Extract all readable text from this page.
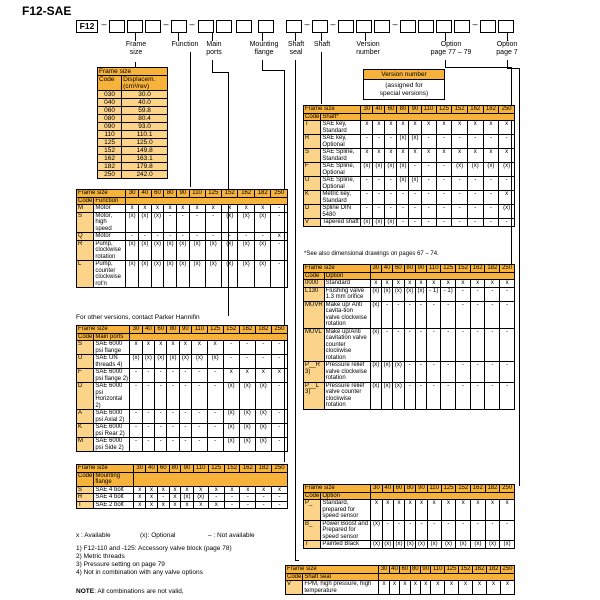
F12-SAE
F12 –	– –	– –	–	–
Frame
size
Function	Main
ports
Mounting
flange
Shaft
seal
Shaft	Version
number
Option
page 77 – 79
Option
page 7
Version number
(assigned for
special versions)
Frame size	
Code	Displacem.
(cm³/rev)
030	30.0
040	40.0
060	59.8
080	80.4
090	93.0
110	110.1
125	125.0
152	149.8
162	163.1
182	179.8
250	242.0
Frame size		30	40	60	80	90	110	125	152	162	182	250
Code	Function											
M	Motor	x	x	x	x	x	x	x	x	x	x	-
S	Motor, high speed	(x)	(x)	(x)	-	-	-	-	(x)	(x)	(x)	-
Q	Motor	-	-	-	-	-	-	-	-	-	-	x
R	Pump, clockwise rotation	(x)	(x)	(x)	(x)	(x)	(x)	(x)	(x)	(x)	(x)	-
L	Pump, counter clockwise rot'n	(x)	(x)	(x)	(x)	(x)	(x)	(x)	(x)	(x)	(x)	-
For other versions, contact Parker Hannifin
Frame size		30	40	60	80	90	110	125	152	162	182	250
Code	Main ports											
S	SAE 6000 psi flange	x	x	x	x	x	x	x	-	-	-	-
U	SAE UN threads 4)	(x)	(x)	(x)	(x)	(x)	(x)	(x)	-	-	-	-
F	SAE 6000 psi flange 2)	-	-	-	-	-	-	-	x	x	x	x
D	SAE 6000 psi Horizontal 2)	-	-	-	-	-	-	-	(x)	(x)	(x)	-
A	SAE 6000 psi Axial 2)	-	-	-	-	-	-	-	(x)	(x)	(x)	-
K	SAE 6000 psi Rear 2)	-	-	-	-	-	-	-	(x)	(x)	(x)	-
M	SAE 6000 psi Side 2)	-	-	-	-	-	-	-	(x)	(x)	(x)	-
Frame size		30	40	60	80	90	110	125	152	162	182	250
Code	Mounting flange											
S	SAE 4 bolt	x	x	x	x	x	x	x	x	x	x	x
R	SAE 4 bolt	x	x	-	x	(x)	(x)	-	-	-	-	-
T	SAE 2 bolt	x	x	x	x	x	x	x	-	-	-	-
x : Available	(x): Optional	– : Not available
1) F12-110 and -125: Accessory valve block (page 78)
2) Metric threads
3) Pressure setting on page 79
4) Not in combination with any valve options
NOTE: All combinations are not valid,
Frame size		30	40	60	80	90	110	125	152	162	182	250
Code	Shaft*											
T	SAE key, Standard	x	x	x	x	x	x	x	x	x	x	x
R	SAE key, Optional	-	-	-	(x)	(x)	-	-	-	-	-	-
S	SAE Spline, Standard	x	x	x	x	x	x	x	x	x	x	x
F	SAE Spline, Optional	(x)	(x)	(x)	(x)	-	-	-	(x)	(x)	(x)	(x)
U	SAE Spline, Optional	-	-	-	(x)	(x)	-	-	-	-	-	-
K	Metric key, Standard	-	-	-	-	-	-	-	-	-	-	x
D	Spline DIN 5480	-	-	-	-	-	-	-	-	-	-	(x)
V	Tapered shaft	(x)	(x)	(x)	-	-	-	-	-	-	-	-
*See also dimensional drawings on pages 67 – 74.
Frame size		30	40	60	80	90	110	125	152	162	182	250
Code	Option											
0000	Standard	x	x	x	x	x	x	x	x	x	x	x
L130	Flushing valve 1.3 mm orifice	(x)	(x)	(x)	(x)	(x)	- 1)	- 1)	-	-	-	-
MUVR	Make up/ Anti cavita-tion valve clockwise rotation	(x)	-	-	-	-	-	-	-	-	-	-
MUVL	Make up/Anti cavitation valve counter clockwise rotation	(x)	-	-	-	-	-	-	-	-	-	-
P__R 3)	Pressure relief valve clockwise rotation	(x)	(x)	(x)	-	-	-	-	-	-	-	-
P__L 3)	Pressure relief valve counter clockwise rotation	(x)	(x)	(x)	-	-	-	-	-	-	-	-
Frame size		30	40	60	80	90	110	125	152	162	182	250
Code	Option											
P_	Standard, prepared for speed sensor	x	x	x	x	x	x	x	x	x	x	x
B_	Power Boost and Prepared for speed sensor	(x)	-	-	-	-	-	-	-	-	-	-
T	Painted Black	(x)	(x)	(x)	(x)	(x)	(x)	(x)	(x)	(x)	(x)	(x)
Frame size		30	40	60	80	90	110	125	152	162	182	250
Code	Shaft seal											
V	FPM, high pressure, high temperature	x	x	x	x	x	x	x	x	x	x	x
